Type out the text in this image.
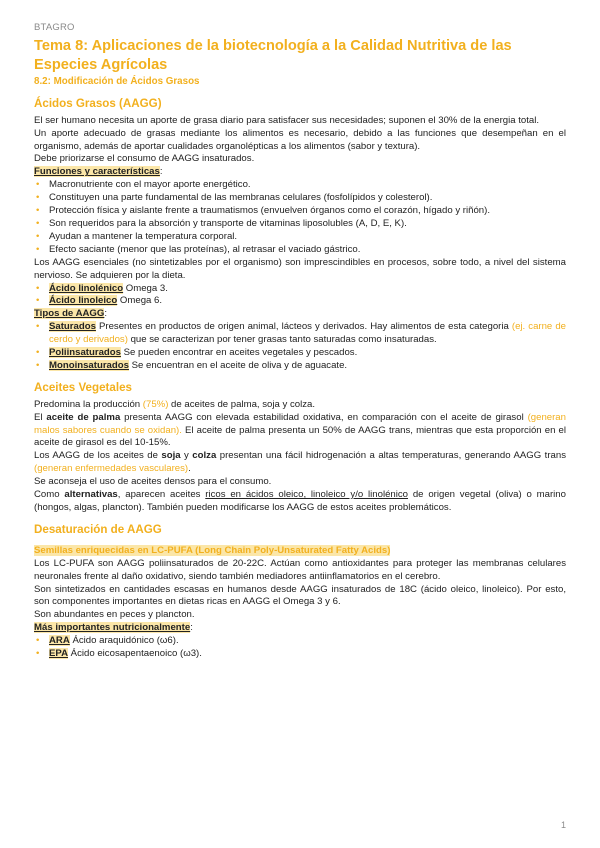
BTAGRO
Tema 8: Aplicaciones de la biotecnología a la Calidad Nutritiva de las Especies Agrícolas
8.2: Modificación de Ácidos Grasos
Ácidos Grasos (AAGG)

El ser humano necesita un aporte de grasa diario para satisfacer sus necesidades; suponen el 30% de la energia total.

Un aporte adecuado de grasas mediante los alimentos es necesario, debido a las funciones que desempeñan en el organismo, además de aportar cualidades organolépticas a los alimentos (sabor y textura).

Debe priorizarse el consumo de AAGG insaturados.

Funciones y características:

• Macronutriente con el mayor aporte energético.
• Constituyen una parte fundamental de las membranas celulares (fosfolípidos y colesterol).
• Protección física y aislante frente a traumatismos (envuelven órganos como el corazón, hígado y riñón).
• Son requeridos para la absorción y transporte de vitaminas liposolubles (A, D, E, K).
• Ayudan a mantener la temperatura corporal.
• Efecto saciante (menor que las proteínas), al retrasar el vaciado gástrico.

Los AAGG esenciales (no sintetizables por el organismo) son imprescindibles en procesos, sobre todo, a nivel del sistema nervioso. Se adquieren por la dieta.

• Ácido linolénico Omega 3.
• Ácido linoleico Omega 6.

Tipos de AAGG:

• Saturados Presentes en productos de origen animal, lácteos y derivados. Hay alimentos de esta categoria (ej. carne de cerdo y derivados) que se caracterizan por tener grasas tanto saturadas como insaturadas.
• Poliinsaturados Se pueden encontrar en aceites vegetales y pescados.
• Monoinsaturados Se encuentran en el aceite de oliva y de aguacate.
Aceites Vegetales

Predomina la producción (75%) de aceites de palma, soja y colza.

El aceite de palma presenta AAGG con elevada estabilidad oxidativa, en comparación con el aceite de girasol (generan malos sabores cuando se oxidan). El aceite de palma presenta un 50% de AAGG trans, mientras que esta proporción en el aceite de girasol es del 10-15%.

Los AAGG de los aceites de soja y colza presentan una fácil hidrogenación a altas temperaturas, generando AAGG trans (generan enfermedades vasculares).

Se aconseja el uso de aceites densos para el consumo.

Como alternativas, aparecen aceites ricos en ácidos oleico, linoleico y/o linolénico de origen vegetal (oliva) o marino (hongos, algas, plancton). También pueden modificarse los AAGG de estos aceites problemáticos.

Desaturación de AAGG
Semillas enriquecidas en LC-PUFA (Long Chain Poly-Unsaturated Fatty Acids)

Los LC-PUFA son AAGG poliinsaturados de 20-22C. Actúan como antioxidantes para proteger las membranas celulares neuronales frente al daño oxidativo, siendo también mediadores antiinflamatorios en el cerebro.

Son sintetizados en cantidades escasas en humanos desde AAGG insaturados de 18C (ácido oleico, linoleico). Por esto, son componentes importantes en dietas ricas en AAGG el Omega 3 y 6.

Son abundantes en peces y plancton.

Más importantes nutricionalmente:

• ARA Ácido araquidónico (ω6).
• EPA Ácido eicosapentaenoico (ω3).
1
